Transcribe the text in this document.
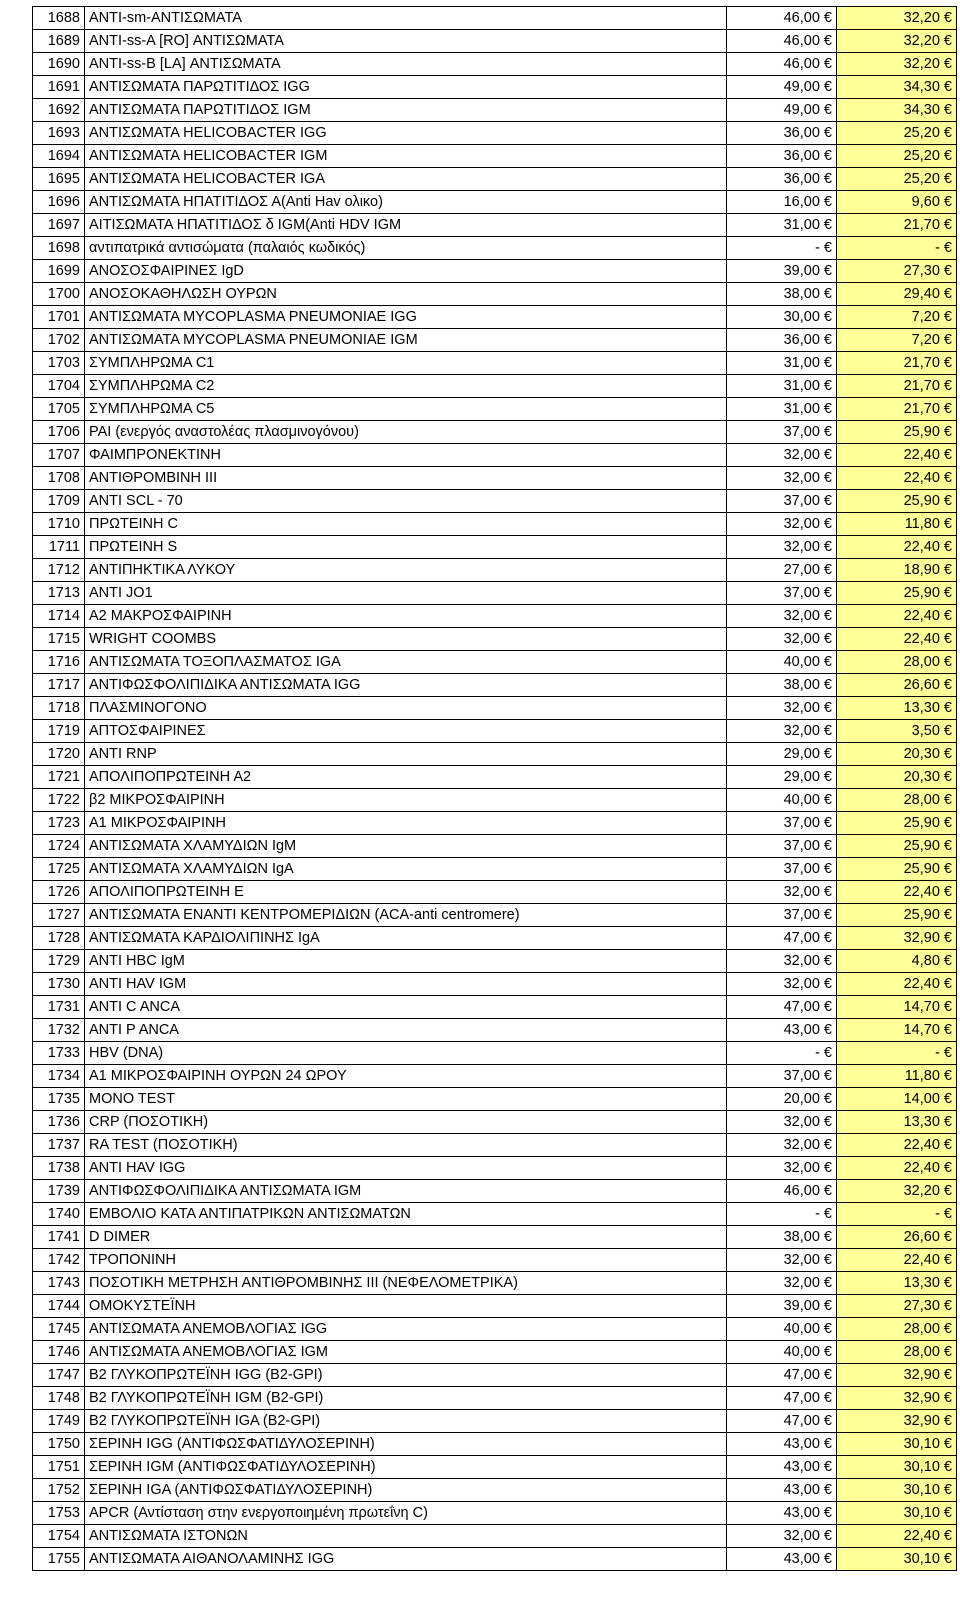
1688	ANTI-sm-ΑΝΤΙΣΩΜΑΤΑ	46,00 €	32,20 €
1689	ANTI-ss-A [RO] ΑΝΤΙΣΩΜΑΤΑ	46,00 €	32,20 €
1690	ANTI-ss-B [LA] ΑΝΤΙΣΩΜΑΤΑ	46,00 €	32,20 €
1691	ΑΝΤΙΣΩΜΑΤΑ ΠΑΡΩΤΙΤΙΔΟΣ IGG	49,00 €	34,30 €
1692	ΑΝΤΙΣΩΜΑΤΑ ΠΑΡΩΤΙΤΙΔΟΣ IGM	49,00 €	34,30 €
1693	ΑΝΤΙΣΩΜΑΤΑ HELICOBACTER IGG	36,00 €	25,20 €
1694	ΑΝΤΙΣΩΜΑΤΑ HELICOBACTER IGM	36,00 €	25,20 €
1695	ΑΝΤΙΣΩΜΑΤΑ HELICOBACTER IGA	36,00 €	25,20 €
1696	ΑΝΤΙΣΩΜΑΤΑ ΗΠΑΤΙΤΙΔΟΣ Α(Anti Hav ολικο)	16,00 €	9,60 €
1697	ΑΙΤΙΣΩΜΑΤΑ ΗΠΑΤΙΤΙΔΟΣ δ IGM(Anti HDV IGM	31,00 €	21,70 €
1698	αντιπατρικά αντισώματα (παλαιός κωδικός)	- €	- €
1699	ΑΝΟΣΟΣΦΑΙΡΙΝΕΣ IgD	39,00 €	27,30 €
1700	ΑΝΟΣΟΚΑΘΗΛΩΣΗ ΟΥΡΩΝ	38,00 €	29,40 €
1701	ΑΝΤΙΣΩΜΑΤΑ MYCOPLASMA PNEUMONIAE IGG	30,00 €	7,20 €
1702	ΑΝΤΙΣΩΜΑΤΑ MYCOPLASMA PNEUMONIAE IGM	36,00 €	7,20 €
1703	ΣΥΜΠΛΗΡΩΜΑ C1	31,00 €	21,70 €
1704	ΣΥΜΠΛΗΡΩΜΑ C2	31,00 €	21,70 €
1705	ΣΥΜΠΛΗΡΩΜΑ C5	31,00 €	21,70 €
1706	PAI (ενεργός αναστολέας πλασμινογόνου)	37,00 €	25,90 €
1707	ΦΑΙΜΠΡΟΝΕΚΤΙΝΗ	32,00 €	22,40 €
1708	ΑΝΤΙΘΡΟΜΒΙΝΗ ΙΙΙ	32,00 €	22,40 €
1709	ANTI SCL - 70	37,00 €	25,90 €
1710	ΠΡΩΤΕΙΝΗ C	32,00 €	11,80 €
1711	ΠΡΩΤΕΙΝΗ S	32,00 €	22,40 €
1712	ΑΝΤΙΠΗΚΤΙΚΑ ΛΥΚΟΥ	27,00 €	18,90 €
1713	ANTI JO1	37,00 €	25,90 €
1714	Α2 ΜΑΚΡΟΣΦΑΙΡΙΝΗ	32,00 €	22,40 €
1715	WRIGHT COOMBS	32,00 €	22,40 €
1716	ΑΝΤΙΣΩΜΑΤΑ ΤΟΞΟΠΛΑΣΜΑΤΟΣ IGA	40,00 €	28,00 €
1717	ΑΝΤΙΦΩΣΦΟΛΙΠΙΔΙΚΑ ΑΝΤΙΣΩΜΑΤΑ IGG	38,00 €	26,60 €
1718	ΠΛΑΣΜΙΝΟΓΟΝΟ	32,00 €	13,30 €
1719	ΑΠΤΟΣΦΑΙΡΙΝΕΣ	32,00 €	3,50 €
1720	ANTI RNP	29,00 €	20,30 €
1721	ΑΠΟΛΙΠΟΠΡΩΤΕΙΝΗ Α2	29,00 €	20,30 €
1722	β2 ΜΙΚΡΟΣΦΑΙΡΙΝΗ	40,00 €	28,00 €
1723	Α1 ΜΙΚΡΟΣΦΑΙΡΙΝΗ	37,00 €	25,90 €
1724	ΑΝΤΙΣΩΜΑΤΑ ΧΛΑΜΥΔΙΩΝ IgM	37,00 €	25,90 €
1725	ΑΝΤΙΣΩΜΑΤΑ ΧΛΑΜΥΔΙΩΝ IgA	37,00 €	25,90 €
1726	ΑΠΟΛΙΠΟΠΡΩΤΕΙΝΗ Ε	32,00 €	22,40 €
1727	ΑΝΤΙΣΩΜΑΤΑ ΕΝΑΝΤΙ ΚΕΝΤΡΟΜΕΡΙΔΙΩΝ (ACA-anti centromere)	37,00 €	25,90 €
1728	ΑΝΤΙΣΩΜΑΤΑ ΚΑΡΔΙΟΛΙΠΙΝΗΣ IgA	47,00 €	32,90 €
1729	ANTI HBC IgM	32,00 €	4,80 €
1730	ANTI HAV IGM	32,00 €	22,40 €
1731	ANTI C ANCA	47,00 €	14,70 €
1732	ANTI P ANCA	43,00 €	14,70 €
1733	HBV (DNA)	- €	- €
1734	Α1 ΜΙΚΡΟΣΦΑΙΡΙΝΗ ΟΥΡΩΝ 24 ΩΡΟΥ	37,00 €	11,80 €
1735	MONO TEST	20,00 €	14,00 €
1736	CRP (ΠΟΣΟΤΙΚΗ)	32,00 €	13,30 €
1737	RA TEST (ΠΟΣΟΤΙΚΗ)	32,00 €	22,40 €
1738	ANTI HAV IGG	32,00 €	22,40 €
1739	ΑΝΤΙΦΩΣΦΟΛΙΠΙΔΙΚΑ ΑΝΤΙΣΩΜΑΤΑ IGM	46,00 €	32,20 €
1740	ΕΜΒΟΛΙΟ ΚΑΤΑ ΑΝΤΙΠΑΤΡΙΚΩΝ ΑΝΤΙΣΩΜΑΤΩΝ	- €	- €
1741	D DIMER	38,00 €	26,60 €
1742	ΤΡΟΠΟΝΙΝΗ	32,00 €	22,40 €
1743	ΠΟΣΟΤΙΚΗ ΜΕΤΡΗΣΗ ΑΝΤΙΘΡΟΜΒΙΝΗΣ ΙΙΙ (ΝΕΦΕΛΟΜΕΤΡΙΚΑ)	32,00 €	13,30 €
1744	ΟΜΟΚΥΣΤΕΪΝΗ	39,00 €	27,30 €
1745	ΑΝΤΙΣΩΜΑΤΑ ΑΝΕΜΟΒΛΟΓΙΑΣ IGG	40,00 €	28,00 €
1746	ΑΝΤΙΣΩΜΑΤΑ ΑΝΕΜΟΒΛΟΓΙΑΣ IGM	40,00 €	28,00 €
1747	Β2 ΓΛΥΚΟΠΡΩΤΕΪΝΗ IGG (B2-GPI)	47,00 €	32,90 €
1748	Β2 ΓΛΥΚΟΠΡΩΤΕΪΝΗ IGM (B2-GPI)	47,00 €	32,90 €
1749	Β2 ΓΛΥΚΟΠΡΩΤΕΪΝΗ IGA (B2-GPI)	47,00 €	32,90 €
1750	ΣΕΡΙΝΗ IGG (ΑΝΤΙΦΩΣΦΑΤΙΔΥΛΟΣΕΡΙΝΗ)	43,00 €	30,10 €
1751	ΣΕΡΙΝΗ IGM (ΑΝΤΙΦΩΣΦΑΤΙΔΥΛΟΣΕΡΙΝΗ)	43,00 €	30,10 €
1752	ΣΕΡΙΝΗ IGA (ΑΝΤΙΦΩΣΦΑΤΙΔΥΛΟΣΕΡΙΝΗ)	43,00 €	30,10 €
1753	APCR (Αντίσταση στην ενεργοποιημένη πρωτεΐνη C)	43,00 €	30,10 €
1754	ΑΝΤΙΣΩΜΑΤΑ ΙΣΤΟΝΩΝ	32,00 €	22,40 €
1755	ΑΝΤΙΣΩΜΑΤΑ ΑΙΘΑΝΟΛΑΜΙΝΗΣ IGG	43,00 €	30,10 €
